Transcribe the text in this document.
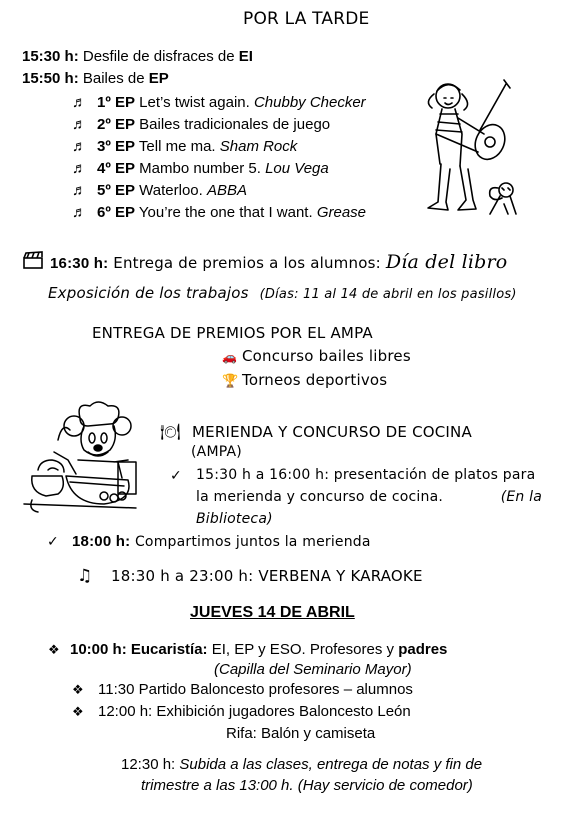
POR LA TARDE
15:30 h: Desfile de disfraces de EI
15:50 h: Bailes de EP
♬ 1º EP Let’s twist again. Chubby Checker
♬ 2º EP Bailes tradicionales de juego
♬ 3º EP Tell me ma. Sham Rock
♬ 4º EP Mambo number 5. Lou Vega
♬ 5º EP Waterloo. ABBA
♬ 6º EP You’re the one that I want. Grease
16:30 h: Entrega de premios a los alumnos: Día del libro
Exposición de los trabajos (Días: 11 al 14 de abril en los pasillos)
ENTREGA DE PREMIOS POR EL AMPA
🚗 Concurso bailes libres
🏆 Torneos deportivos
🍽 MERIENDA Y CONCURSO DE COCINA
(AMPA)
✓ 15:30 h a 16:00 h: presentación de platos para
la merienda y concurso de cocina.	(En la
Biblioteca)
✓ 18:00 h: Compartimos juntos la merienda
♫ 18:30 h a 23:00 h: VERBENA Y KARAOKE
JUEVES 14 DE ABRIL
❖ 10:00 h: Eucaristía: EI, EP y ESO. Profesores y padres
(Capilla del Seminario Mayor)
❖ 11:30 Partido Baloncesto profesores – alumnos
❖ 12:00 h: Exhibición jugadores Baloncesto León
Rifa: Balón y camiseta
12:30 h: Subida a las clases, entrega de notas y fin de
trimestre a las 13:00 h. (Hay servicio de comedor)
